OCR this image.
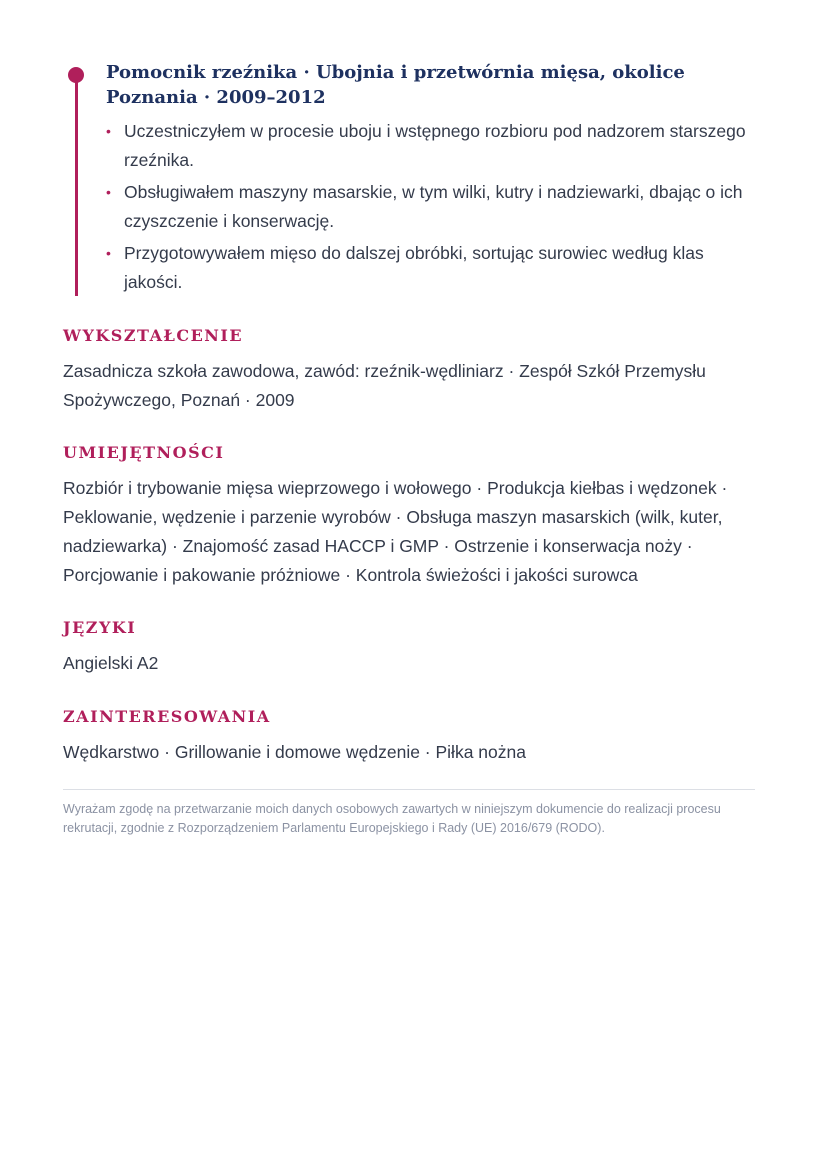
Pomocnik rzeźnika · Ubojnia i przetwórnia mięsa, okolice Poznania · 2009–2012
• Uczestniczyłem w procesie uboju i wstępnego rozbioru pod nadzorem starszego rzeźnika.
• Obsługiwałem maszyny masarskie, w tym wilki, kutry i nadziewarki, dbając o ich czyszczenie i konserwację.
• Przygotowywałem mięso do dalszej obróbki, sortując surowiec według klas jakości.
WYKSZTAŁCENIE
Zasadnicza szkoła zawodowa, zawód: rzeźnik-wędliniarz · Zespół Szkół Przemysłu Spożywczego, Poznań · 2009
UMIEJĘTNOŚCI
Rozbiór i trybowanie mięsa wieprzowego i wołowego · Produkcja kiełbas i wędzonek · Peklowanie, wędzenie i parzenie wyrobów · Obsługa maszyn masarskich (wilk, kuter, nadziewarka) · Znajomość zasad HACCP i GMP · Ostrzenie i konserwacja noży · Porcjowanie i pakowanie próżniowe · Kontrola świeżości i jakości surowca
JĘZYKI
Angielski A2
ZAINTERESOWANIA
Wędkarstwo · Grillowanie i domowe wędzenie · Piłka nożna
Wyrażam zgodę na przetwarzanie moich danych osobowych zawartych w niniejszym dokumencie do realizacji procesu rekrutacji, zgodnie z Rozporządzeniem Parlamentu Europejskiego i Rady (UE) 2016/679 (RODO).
